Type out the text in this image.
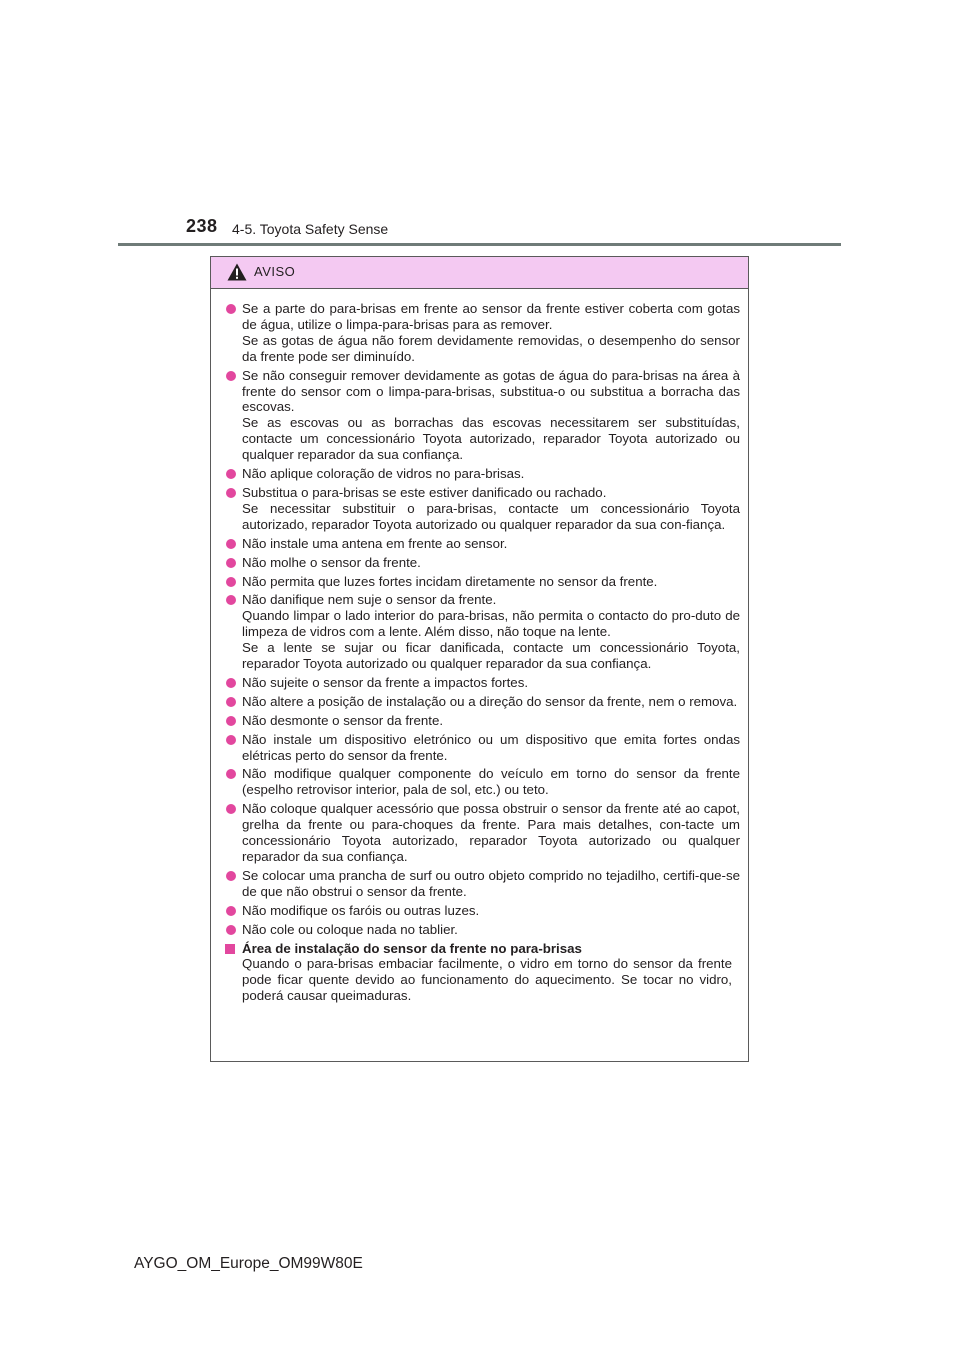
238 4-5. Toyota Safety Sense
AVISO
Se a parte do para-brisas em frente ao sensor da frente estiver coberta com gotas de água, utilize o limpa-para-brisas para as remover.
Se as gotas de água não forem devidamente removidas, o desempenho do sensor da frente pode ser diminuído.
Se não conseguir remover devidamente as gotas de água do para-brisas na área à frente do sensor com o limpa-para-brisas, substitua-o ou substitua a borracha das escovas.
Se as escovas ou as borrachas das escovas necessitarem ser substituídas, contacte um concessionário Toyota autorizado, reparador Toyota autorizado ou qualquer reparador da sua confiança.
Não aplique coloração de vidros no para-brisas.
Substitua o para-brisas se este estiver danificado ou rachado.
Se necessitar substituir o para-brisas, contacte um concessionário Toyota autorizado, reparador Toyota autorizado ou qualquer reparador da sua con-fiança.
Não instale uma antena em frente ao sensor.
Não molhe o sensor da frente.
Não permita que luzes fortes incidam diretamente no sensor da frente.
Não danifique nem suje o sensor da frente.
Quando limpar o lado interior do para-brisas, não permita o contacto do pro-duto de limpeza de vidros com a lente. Além disso, não toque na lente.
Se a lente se sujar ou ficar danificada, contacte um concessionário Toyota, reparador Toyota autorizado ou qualquer reparador da sua confiança.
Não sujeite o sensor da frente a impactos fortes.
Não altere a posição de instalação ou a direção do sensor da frente, nem o remova.
Não desmonte o sensor da frente.
Não instale um dispositivo eletrónico ou um dispositivo que emita fortes ondas elétricas perto do sensor da frente.
Não modifique qualquer componente do veículo em torno do sensor da frente (espelho retrovisor interior, pala de sol, etc.) ou teto.
Não coloque qualquer acessório que possa obstruir o sensor da frente até ao capot, grelha da frente ou para-choques da frente. Para mais detalhes, con-tacte um concessionário Toyota autorizado, reparador Toyota autorizado ou qualquer reparador da sua confiança.
Se colocar uma prancha de surf ou outro objeto comprido no tejadilho, certifi-que-se de que não obstrui o sensor da frente.
Não modifique os faróis ou outras luzes.
Não cole ou coloque nada no tablier.
Área de instalação do sensor da frente no para-brisas
Quando o para-brisas embaciar facilmente, o vidro em torno do sensor da frente pode ficar quente devido ao funcionamento do aquecimento. Se tocar no vidro, poderá causar queimaduras.
AYGO_OM_Europe_OM99W80E
